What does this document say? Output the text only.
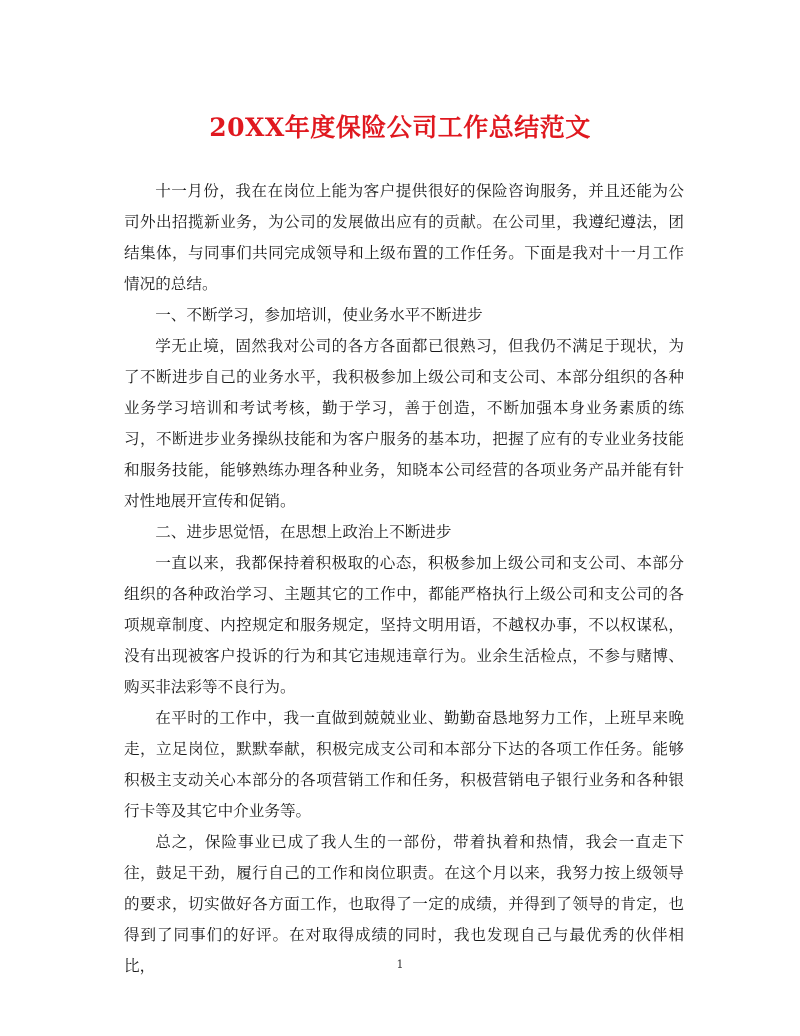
20XX年度保险公司工作总结范文

十一月份，我在在岗位上能为客户提供很好的保险咨询服务，并且还能为公司外出招揽新业务，为公司的发展做出应有的贡献。在公司里，我遵纪遵法，团结集体，与同事们共同完成领导和上级布置的工作任务。下面是我对十一月工作情况的总结。

一、不断学习，参加培训，使业务水平不断进步

学无止境，固然我对公司的各方各面都已很熟习，但我仍不满足于现状，为了不断进步自己的业务水平，我积极参加上级公司和支公司、本部分组织的各种业务学习培训和考试考核，勤于学习，善于创造，不断加强本身业务素质的练习，不断进步业务操纵技能和为客户服务的基本功，把握了应有的专业业务技能和服务技能，能够熟练办理各种业务，知晓本公司经营的各项业务产品并能有针对性地展开宣传和促销。

二、进步思觉悟，在思想上政治上不断进步

一直以来，我都保持着积极取的心态，积极参加上级公司和支公司、本部分组织的各种政治学习、主题其它的工作中，都能严格执行上级公司和支公司的各项规章制度、内控规定和服务规定，坚持文明用语，不越权办事，不以权谋私，没有出现被客户投诉的行为和其它违规违章行为。业余生活检点，不参与赌博、购买非法彩等不良行为。

在平时的工作中，我一直做到兢兢业业、勤勤奋恳地努力工作，上班早来晚走，立足岗位，默默奉献，积极完成支公司和本部分下达的各项工作任务。能够积极主支动关心本部分的各项营销工作和任务，积极营销电子银行业务和各种银行卡等及其它中介业务等。

总之，保险事业已成了我人生的一部份，带着执着和热情，我会一直走下往，鼓足干劲，履行自己的工作和岗位职责。在这个月以来，我努力按上级领导的要求，切实做好各方面工作，也取得了一定的成绩，并得到了领导的肯定，也得到了同事们的好评。在对取得成绩的同时，我也发现自己与最优秀的伙伴相比，	1
